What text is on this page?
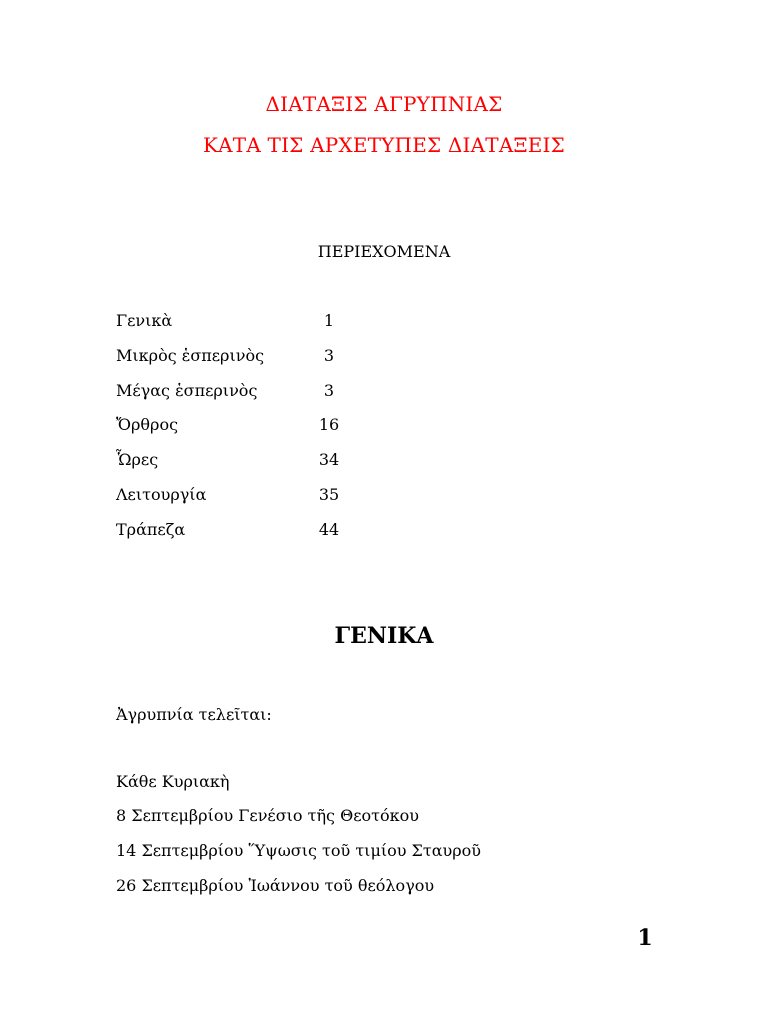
ΔΙΑΤΑΞΙΣ ΑΓΡΥΠΝΙΑΣ
ΚΑΤΑ ΤΙΣ ΑΡΧΕΤΥΠΕΣ ΔΙΑΤΑΞΕΙΣ
ΠΕΡΙΕΧΟΜΕΝΑ
Γενικὰ	1
Μικρὸς ἑσπερινὸς	3
Μέγας ἑσπερινὸς	3
Ὄρθρος	16
Ὧρες	34
Λειτουργία	35
Τράπεζα	44
ΓΕΝΙΚΑ
Ἀγρυπνία τελεῖται:
Κάθε Κυριακὴ
8 Σεπτεμβρίου Γενέσιο τῆς Θεοτόκου
14 Σεπτεμβρίου Ὕψωσις τοῦ τιμίου Σταυροῦ
26 Σεπτεμβρίου Ἰωάννου τοῦ θεόλογου
1
